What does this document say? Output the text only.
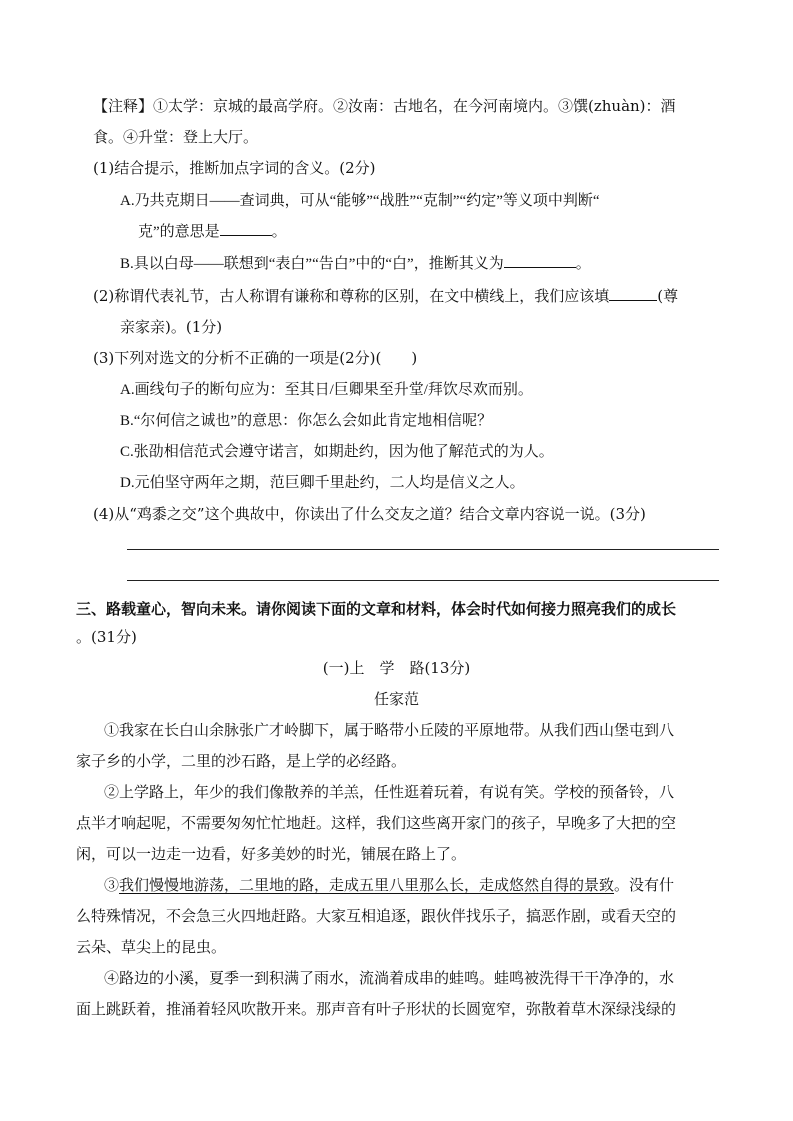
【注释】①太学：京城的最高学府。②汝南：古地名，在今河南境内。③馔(zhuàn)：酒
食。④升堂：登上大厅。
(1)结合提示，推断加点字词的含义。(2分)
A.乃共克期日——查词典，可从“能够”“战胜”“克制”“约定”等义项中判断“
克”的意思是	。
B.具以白母——联想到“表白”“告白”中的“白”，推断其义为	。
(2)称谓代表礼节，古人称谓有谦称和尊称的区别，在文中横线上，我们应该填	(尊
亲家亲)。(1分)
(3)下列对选文的分析不正确的一项是(2分)(　　)
A.画线句子的断句应为：至其日/巨卿果至升堂/拜饮尽欢而别。
B.“尔何信之诚也”的意思：你怎么会如此肯定地相信呢？
C.张劭相信范式会遵守诺言，如期赴约，因为他了解范式的为人。
D.元伯坚守两年之期，范巨卿千里赴约，二人均是信义之人。
(4)从“鸡黍之交”这个典故中，你读出了什么交友之道？结合文章内容说一说。(3分)
三、路载童心，智向未来。请你阅读下面的文章和材料，体会时代如何接力照亮我们的成长
。(31分)
(一)上　学　路(13分)
任家范
①我家在长白山余脉张广才岭脚下，属于略带小丘陵的平原地带。从我们西山堡屯到八
家子乡的小学，二里的沙石路，是上学的必经路。
②上学路上，年少的我们像散养的羊羔，任性逛着玩着，有说有笑。学校的预备铃，八
点半才响起呢，不需要匆匆忙忙地赶。这样，我们这些离开家门的孩子，早晚多了大把的空
闲，可以一边走一边看，好多美妙的时光，铺展在路上了。
③我们慢慢地游荡，二里地的路，走成五里八里那么长，走成悠然自得的景致。没有什
么特殊情况，不会急三火四地赶路。大家互相追逐，跟伙伴找乐子，搞恶作剧，或看天空的
云朵、草尖上的昆虫。
④路边的小溪，夏季一到积满了雨水，流淌着成串的蛙鸣。蛙鸣被洗得干干净净的，水
面上跳跃着，推涌着轻风吹散开来。那声音有叶子形状的长圆宽窄，弥散着草木深绿浅绿的
